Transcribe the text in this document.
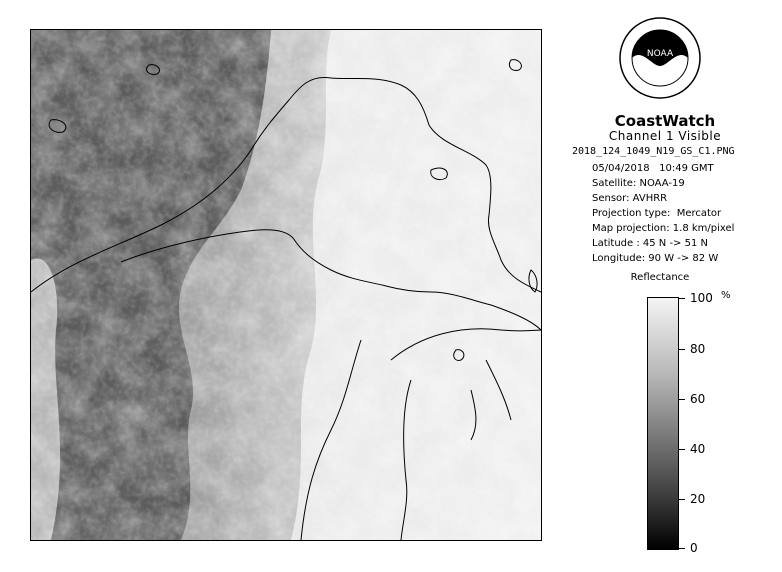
NOAA
CoastWatch
Channel 1 Visible
2018_124_1049_N19_GS_C1.PNG
05/04/2018   10:49 GMT
Satellite: NOAA-19
Sensor: AVHRR
Projection type:  Mercator
Map projection: 1.8 km/pixel
Latitude : 45 N -> 51 N
Longitude: 90 W -> 82 W
Reflectance
%
100
80
60
40
20
0
